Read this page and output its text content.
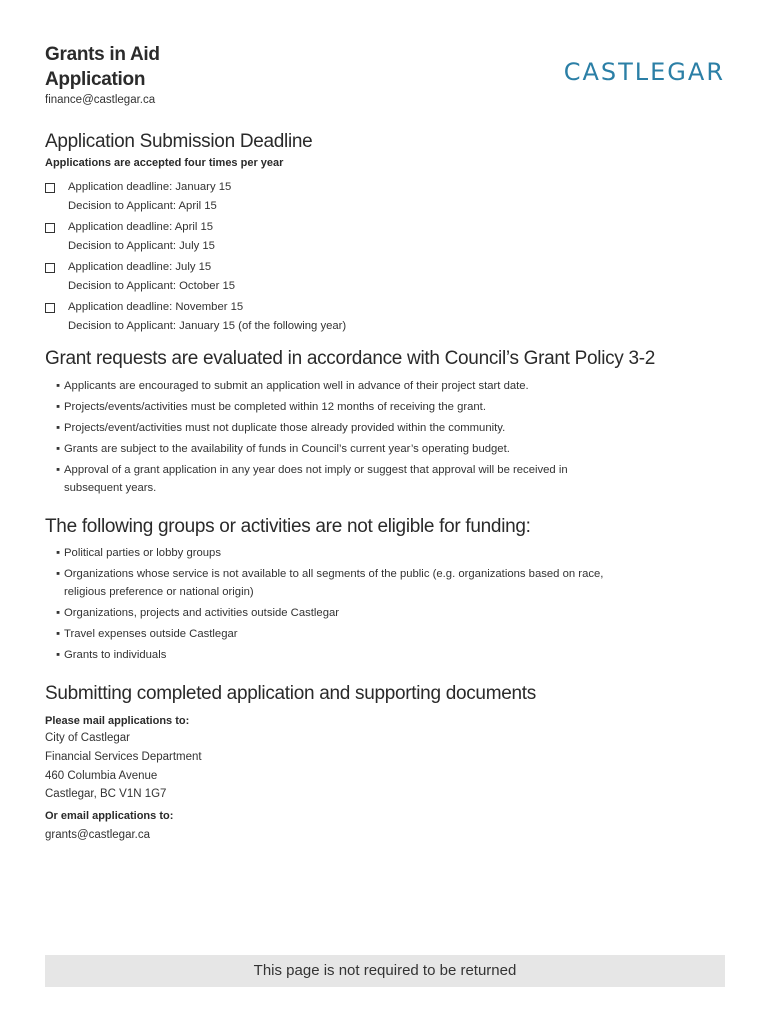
Grants in Aid
Application
finance@castlegar.ca
CASTLEGAR
Application Submission Deadline
Applications are accepted four times per year
Application deadline: January 15
Decision to Applicant: April 15
Application deadline: April 15
Decision to Applicant: July 15
Application deadline: July 15
Decision to Applicant: October 15
Application deadline: November 15
Decision to Applicant: January 15 (of the following year)
Grant requests are evaluated in accordance with Council’s Grant Policy 3-2
▪ Applicants are encouraged to submit an application well in advance of their project start date.
▪ Projects/events/activities must be completed within 12 months of receiving the grant.
▪ Projects/event/activities must not duplicate those already provided within the community.
▪ Grants are subject to the availability of funds in Council’s current year’s operating budget.
▪ Approval of a grant application in any year does not imply or suggest that approval will be received in subsequent years.
The following groups or activities are not eligible for funding:
▪ Political parties or lobby groups
▪ Organizations whose service is not available to all segments of the public (e.g. organizations based on race, religious preference or national origin)
▪ Organizations, projects and activities outside Castlegar
▪ Travel expenses outside Castlegar
▪ Grants to individuals
Submitting completed application and supporting documents
Please mail applications to:
City of Castlegar
Financial Services Department
460 Columbia Avenue
Castlegar, BC V1N 1G7
Or email applications to:
grants@castlegar.ca
This page is not required to be returned
